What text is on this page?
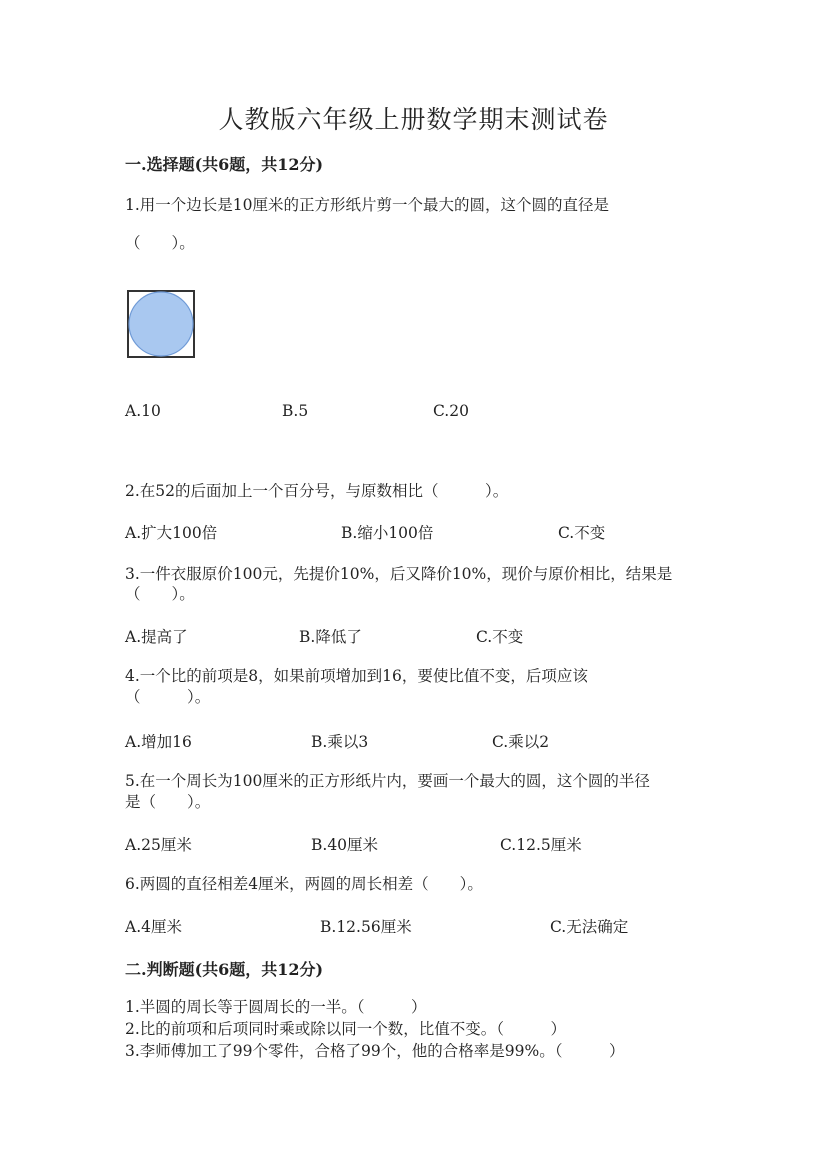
人教版六年级上册数学期末测试卷
一.选择题(共6题，共12分)
1.用一个边长是10厘米的正方形纸片剪一个最大的圆，这个圆的直径是
（　　）。
A.10	B.5	C.20
2.在52的后面加上一个百分号，与原数相比（　　　）。
A.扩大100倍	B.缩小100倍	C.不变
3.一件衣服原价100元，先提价10%，后又降价10%，现价与原价相比，结果是
（　　）。
A.提高了	B.降低了	C.不变
4.一个比的前项是8，如果前项增加到16，要使比值不变，后项应该
（　　　）。
A.增加16	B.乘以3	C.乘以2
5.在一个周长为100厘米的正方形纸片内，要画一个最大的圆，这个圆的半径
是（　　）。
A.25厘米	B.40厘米	C.12.5厘米
6.两圆的直径相差4厘米，两圆的周长相差（　　）。
A.4厘米	B.12.56厘米	C.无法确定
二.判断题(共6题，共12分)
1.半圆的周长等于圆周长的一半。（　　　）
2.比的前项和后项同时乘或除以同一个数，比值不变。（　　　）
3.李师傅加工了99个零件，合格了99个，他的合格率是99%。（　　　）
